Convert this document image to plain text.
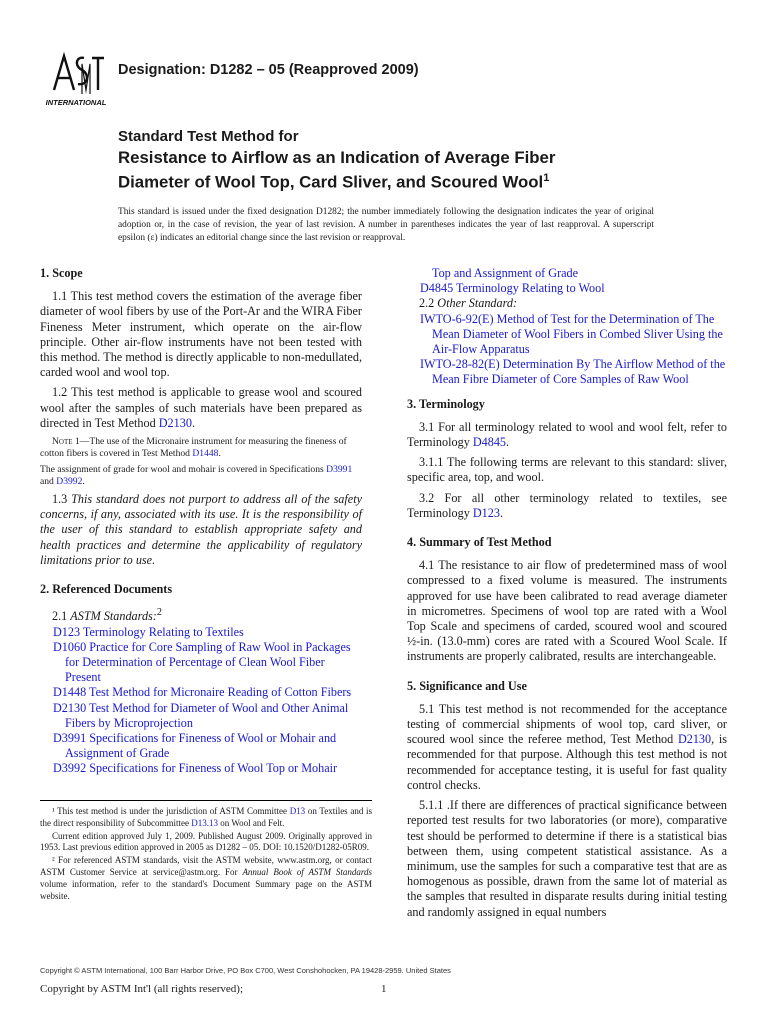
INTERNATIONAL
Designation: D1282 – 05 (Reapproved 2009)
Standard Test Method for
Resistance to Airflow as an Indication of Average Fiber
Diameter of Wool Top, Card Sliver, and Scoured Wool$^1$
This standard is issued under the fixed designation D1282; the number immediately following the designation indicates the year of original adoption or, in the case of revision, the year of last revision. A number in parentheses indicates the year of last reapproval. A superscript epsilon (ε) indicates an editorial change since the last revision or reapproval.
1. Scope

1.1 This test method covers the estimation of the average fiber diameter of wool fibers by use of the Port-Ar and the WIRA Fiber Fineness Meter instrument, which operate on the air-flow principle. Other air-flow instruments have not been tested with this method. The method is directly applicable to non-medullated, carded wool and wool top.

1.2 This test method is applicable to grease wool and scoured wool after the samples of such materials have been prepared as directed in Test Method D2130.

Note 1—The use of the Micronaire instrument for measuring the fineness of cotton fibers is covered in Test Method D1448.
The assignment of grade for wool and mohair is covered in Specifications D3991 and D3992.

1.3 This standard does not purport to address all of the safety concerns, if any, associated with its use. It is the responsibility of the user of this standard to establish appropriate safety and health practices and determine the applicability of regulatory limitations prior to use.

2. Referenced Documents

2.1 ASTM Standards:$^2$

D123 Terminology Relating to Textiles
D1060 Practice for Core Sampling of Raw Wool in Packages for Determination of Percentage of Clean Wool Fiber Present
D1448 Test Method for Micronaire Reading of Cotton Fibers
D2130 Test Method for Diameter of Wool and Other Animal Fibers by Microprojection
D3991 Specifications for Fineness of Wool or Mohair and Assignment of Grade
D3992 Specifications for Fineness of Wool Top or Mohair
Top and Assignment of Grade
D4845 Terminology Relating to Wool
2.2 Other Standard:
IWTO-6-92(E) Method of Test for the Determination of The Mean Diameter of Wool Fibers in Combed Sliver Using the Air-Flow Apparatus
IWTO-28-82(E) Determination By The Airflow Method of the Mean Fibre Diameter of Core Samples of Raw Wool
3. Terminology

3.1 For all terminology related to wool and wool felt, refer to Terminology D4845.

3.1.1 The following terms are relevant to this standard: sliver, specific area, top, and wool.

3.2 For all other terminology related to textiles, see Terminology D123.

4. Summary of Test Method

4.1 The resistance to air flow of predetermined mass of wool compressed to a fixed volume is measured. The instruments approved for use have been calibrated to read average diameter in micrometres. Specimens of wool top are rated with a Wool Top Scale and specimens of carded, scoured wool and scoured ½-in. (13.0-mm) cores are rated with a Scoured Wool Scale. If instruments are properly calibrated, results are interchangeable.

5. Significance and Use

5.1 This test method is not recommended for the acceptance testing of commercial shipments of wool top, card sliver, or scoured wool since the referee method, Test Method D2130, is recommended for that purpose. Although this test method is not recommended for acceptance testing, it is useful for fast quality control checks.

5.1.1 .If there are differences of practical significance between reported test results for two laboratories (or more), comparative test should be performed to determine if there is a statistical bias between them, using competent statistical assistance. As a minimum, use the samples for such a comparative test that are as homogenous as possible, drawn from the same lot of material as the samples that resulted in disparate results during initial testing and randomly assigned in equal numbers

¹ This test method is under the jurisdiction of ASTM Committee D13 on Textiles and is the direct responsibility of Subcommittee D13.13 on Wool and Felt.
Current edition approved July 1, 2009. Published August 2009. Originally approved in 1953. Last previous edition approved in 2005 as D1282 – 05. DOI: 10.1520/D1282-05R09.
² For referenced ASTM standards, visit the ASTM website, www.astm.org, or contact ASTM Customer Service at service@astm.org. For Annual Book of ASTM Standards volume information, refer to the standard's Document Summary page on the ASTM website.
Copyright © ASTM International, 100 Barr Harbor Drive, PO Box C700, West Conshohocken, PA 19428-2959. United States
Copyright by ASTM Int'l (all rights reserved);	1
